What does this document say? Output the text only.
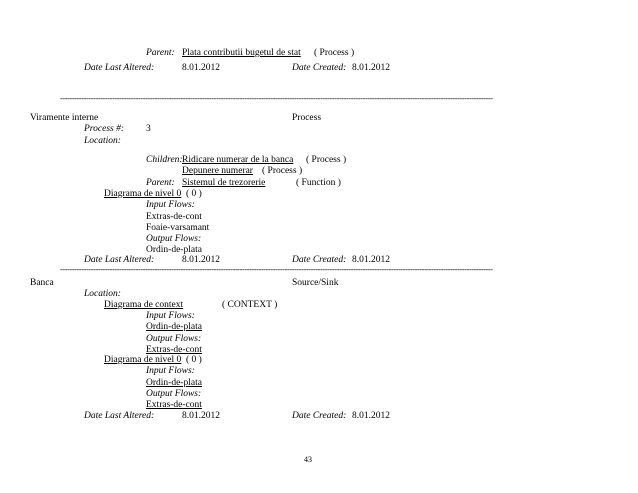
Parent: Plata contributii bugetul de stat ( Process )
Date Last Altered:	8.01.2012	Date Created: 8.01.2012
---------------------------------------------------------------------------------------------------------------------------------------------------------------------------------------
Viramente interne	Process
Process #: 3
Location:
Children: Ridicare numerar de la banca ( Process )
Depunere numerar ( Process )
Parent: Sistemul de trezorerie	( Function )
Diagrama de nivel 0 ( 0 )
Input Flows:
Extras-de-cont
Foaie-varsamant
Output Flows:
Ordin-de-plata
Date Last Altered:	8.01.2012	Date Created: 8.01.2012
---------------------------------------------------------------------------------------------------------------------------------------------------------------------------------------
Banca	Source/Sink
Location:
Diagrama de context	( CONTEXT )
Input Flows:
Ordin-de-plata
Output Flows:
Extras-de-cont
Diagrama de nivel 0 ( 0 )
Input Flows:
Ordin-de-plata
Output Flows:
Extras-de-cont
Date Last Altered:	8.01.2012	Date Created: 8.01.2012
43
